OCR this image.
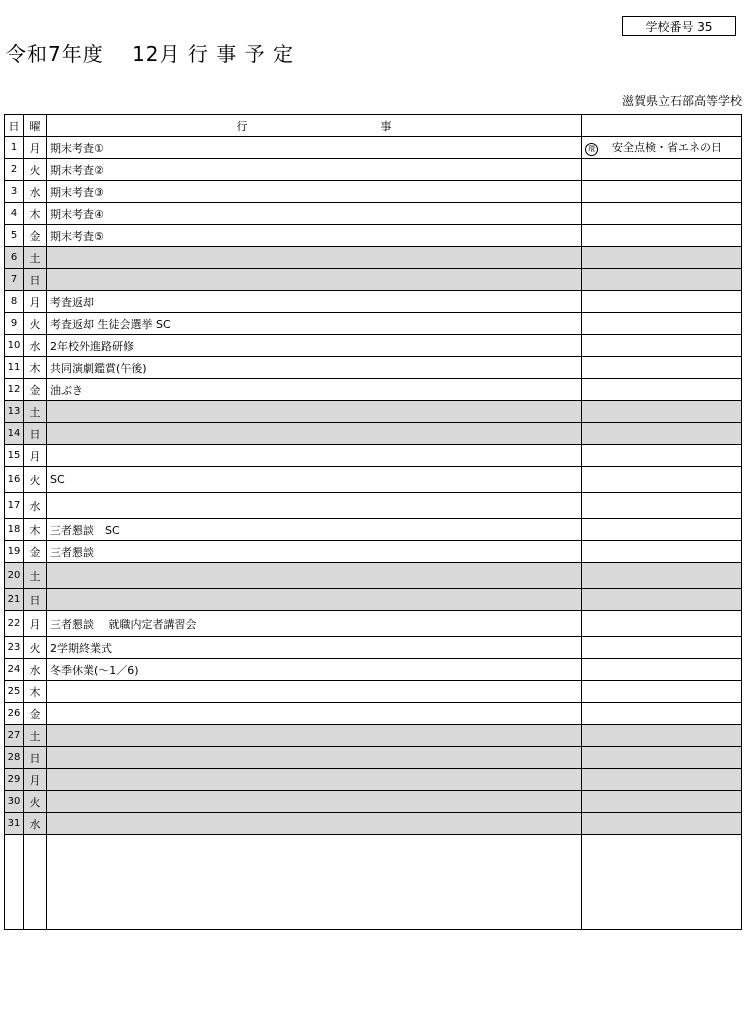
学校番号 35
令和7年度　 12月 行 事 予 定
滋賀県立石部高等学校
日	曜	行 事	

1	月	期末考査①	環 安全点検・省エネの日
2	火	期末考査②	
3	水	期末考査③	
4	木	期末考査④	
5	金	期末考査⑤	
6	土		
7	日		
8	月	考査返却	
9	火	考査返却 生徒会選挙 SC	
10	水	2年校外進路研修	
11	木	共同演劇鑑賞(午後)	
12	金	油ぶき	
13	土		
14	日		
15	月		
16	火	SC	
17	水		
18	木	三者懇談　SC	
19	金	三者懇談	
20	土		
21	日		
22	月	三者懇談　 就職内定者講習会	
23	火	2学期終業式	
24	水	冬季休業(～1／6)	
25	木		
26	金		
27	土		
28	日		
29	月		
30	火		
31	水		
